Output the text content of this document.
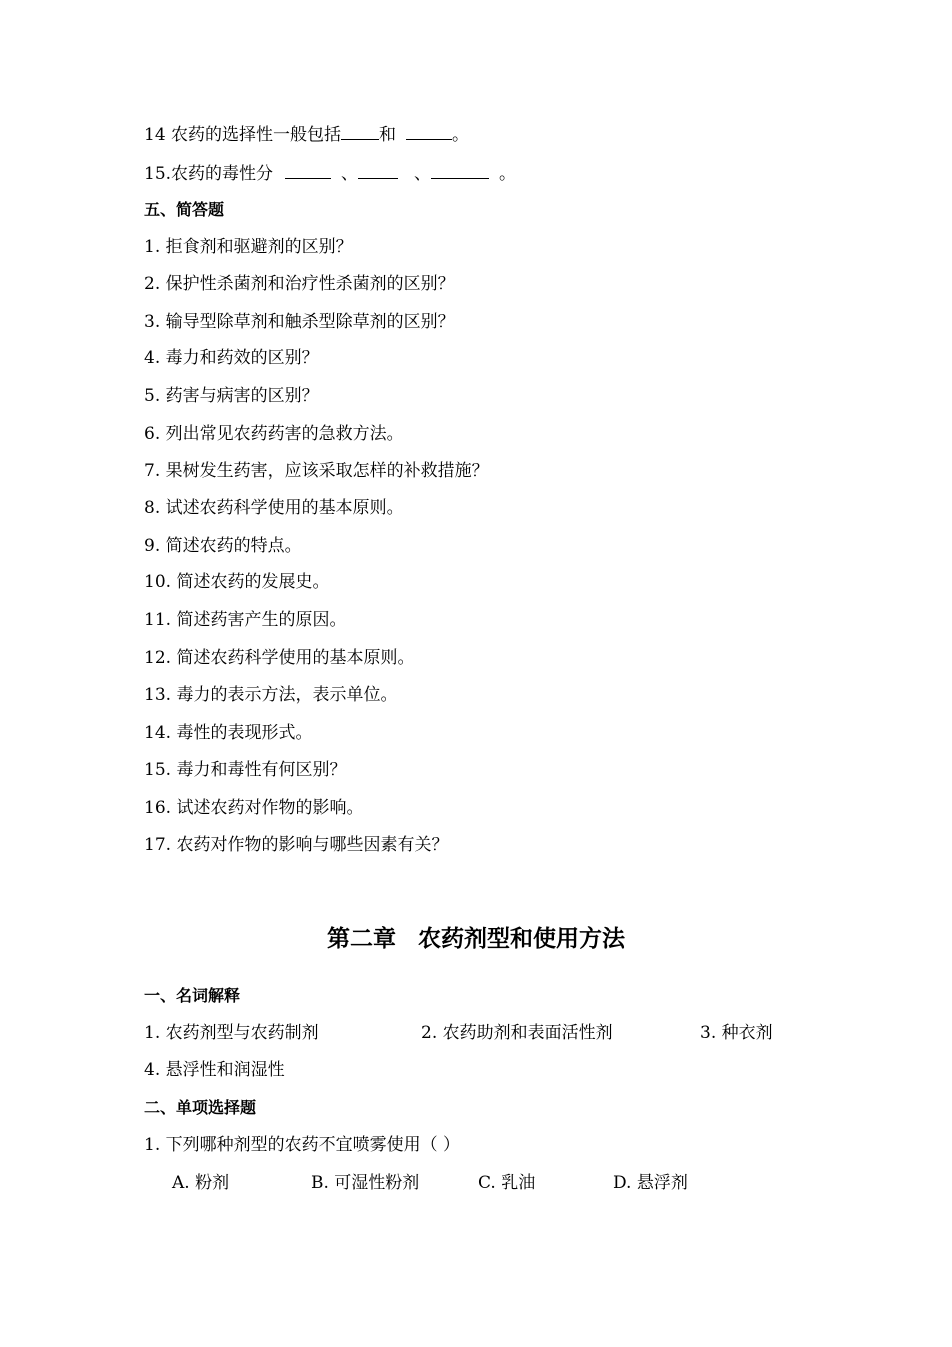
14 农药的选择性一般包括 和	。
15.农药的毒性分	、	、	。
五、简答题
1. 拒食剂和驱避剂的区别？
2. 保护性杀菌剂和治疗性杀菌剂的区别？
3. 输导型除草剂和触杀型除草剂的区别？
4. 毒力和药效的区别？
5. 药害与病害的区别？
6. 列出常见农药药害的急救方法。
7. 果树发生药害，应该采取怎样的补救措施？
8. 试述农药科学使用的基本原则。
9. 简述农药的特点。
10. 简述农药的发展史。
11. 简述药害产生的原因。
12. 简述农药科学使用的基本原则。
13. 毒力的表示方法，表示单位。
14. 毒性的表现形式。
15. 毒力和毒性有何区别？
16. 试述农药对作物的影响。
17. 农药对作物的影响与哪些因素有关？
第二章 农药剂型和使用方法
一、名词解释
1. 农药剂型与农药制剂	2. 农药助剂和表面活性剂	3. 种衣剂
4. 悬浮性和润湿性
二、单项选择题
1. 下列哪种剂型的农药不宜喷雾使用（ ）
A. 粉剂	B. 可湿性粉剂	C. 乳油	D. 悬浮剂
